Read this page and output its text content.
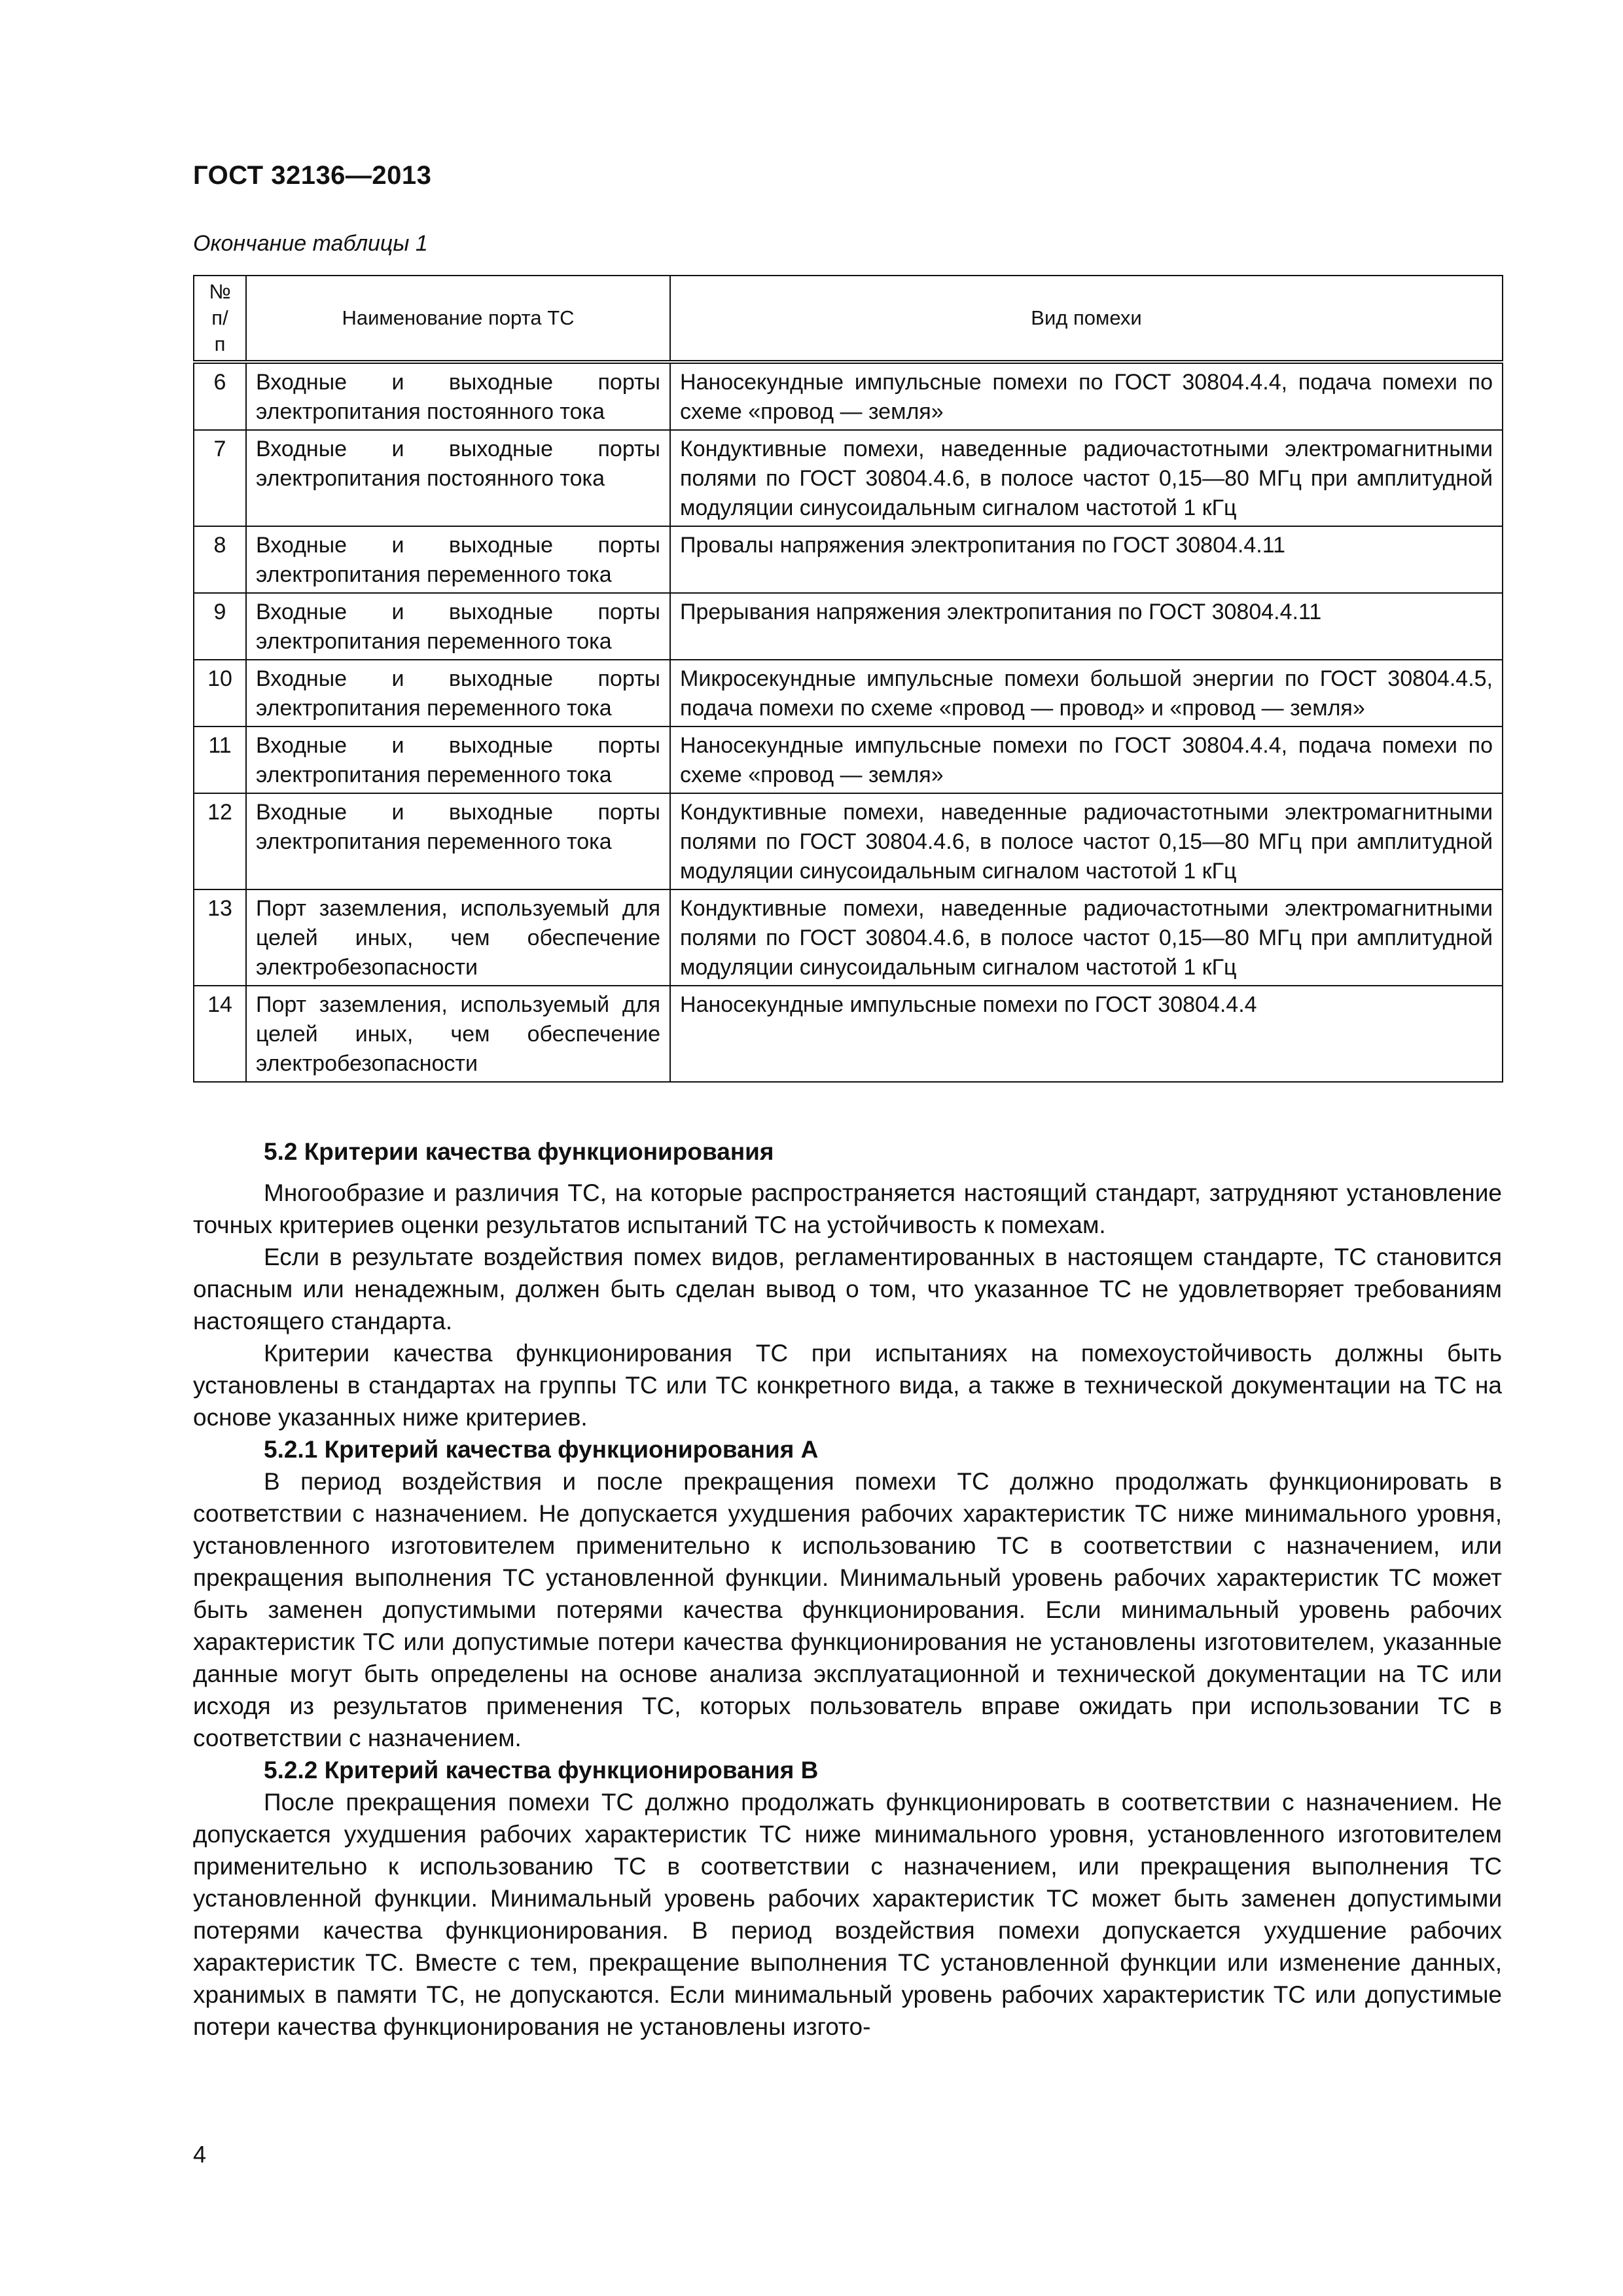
ГОСТ 32136—2013
Окончание таблицы 1
№ п/п	Наименование порта ТС	Вид помехи
6	Входные и выходные порты электропитания постоянного тока	Наносекундные импульсные помехи по ГОСТ 30804.4.4, подача помехи по схеме «провод — земля»
7	Входные и выходные порты электропитания постоянного тока	Кондуктивные помехи, наведенные радиочастотными электромагнитными полями по ГОСТ 30804.4.6, в полосе частот 0,15—80 МГц при амплитудной модуляции синусоидальным сигналом частотой 1 кГц
8	Входные и выходные порты электропитания переменного тока	Провалы напряжения электропитания по ГОСТ 30804.4.11
9	Входные и выходные порты электропитания переменного тока	Прерывания напряжения электропитания по ГОСТ 30804.4.11
10	Входные и выходные порты электропитания переменного тока	Микросекундные импульсные помехи большой энергии по ГОСТ 30804.4.5, подача помехи по схеме «провод — провод» и «провод — земля»
11	Входные и выходные порты электропитания переменного тока	Наносекундные импульсные помехи по ГОСТ 30804.4.4, подача помехи по схеме «провод — земля»
12	Входные и выходные порты электропитания переменного тока	Кондуктивные помехи, наведенные радиочастотными электромагнитными полями по ГОСТ 30804.4.6, в полосе частот 0,15—80 МГц при амплитудной модуляции синусоидальным сигналом частотой 1 кГц
13	Порт заземления, используемый для целей иных, чем обеспечение электробезопасности	Кондуктивные помехи, наведенные радиочастотными электромагнитными полями по ГОСТ 30804.4.6, в полосе частот 0,15—80 МГц при амплитудной модуляции синусоидальным сигналом частотой 1 кГц
14	Порт заземления, используемый для целей иных, чем обеспечение электробезопасности	Наносекундные импульсные помехи по ГОСТ 30804.4.4

5.2 Критерии качества функционирования

Многообразие и различия ТС, на которые распространяется настоящий стандарт, затрудняют установление точных критериев оценки результатов испытаний ТС на устойчивость к помехам.

Если в результате воздействия помех видов, регламентированных в настоящем стандарте, ТС становится опасным или ненадежным, должен быть сделан вывод о том, что указанное ТС не удовлетворяет требованиям настоящего стандарта.

Критерии качества функционирования ТС при испытаниях на помехоустойчивость должны быть установлены в стандартах на группы ТС или ТС конкретного вида, а также в технической документации на ТС на основе указанных ниже критериев.

5.2.1 Критерий качества функционирования А

В период воздействия и после прекращения помехи ТС должно продолжать функционировать в соответствии с назначением. Не допускается ухудшения рабочих характеристик ТС ниже минимального уровня, установленного изготовителем применительно к использованию ТС в соответствии с назначением, или прекращения выполнения ТС установленной функции. Минимальный уровень рабочих характеристик ТС может быть заменен допустимыми потерями качества функционирования. Если минимальный уровень рабочих характеристик ТС или допустимые потери качества функционирования не установлены изготовителем, указанные данные могут быть определены на основе анализа эксплуатационной и технической документации на ТС или исходя из результатов применения ТС, которых пользователь вправе ожидать при использовании ТС в соответствии с назначением.

5.2.2 Критерий качества функционирования В

После прекращения помехи ТС должно продолжать функционировать в соответствии с назначением. Не допускается ухудшения рабочих характеристик ТС ниже минимального уровня, установленного изготовителем применительно к использованию ТС в соответствии с назначением, или прекращения выполнения ТС установленной функции. Минимальный уровень рабочих характеристик ТС может быть заменен допустимыми потерями качества функционирования. В период воздействия помехи допускается ухудшение рабочих характеристик ТС. Вместе с тем, прекращение выполнения ТС установленной функции или изменение данных, хранимых в памяти ТС, не допускаются. Если минимальный уровень рабочих характеристик ТС или допустимые потери качества функционирования не установлены изгото-

4
